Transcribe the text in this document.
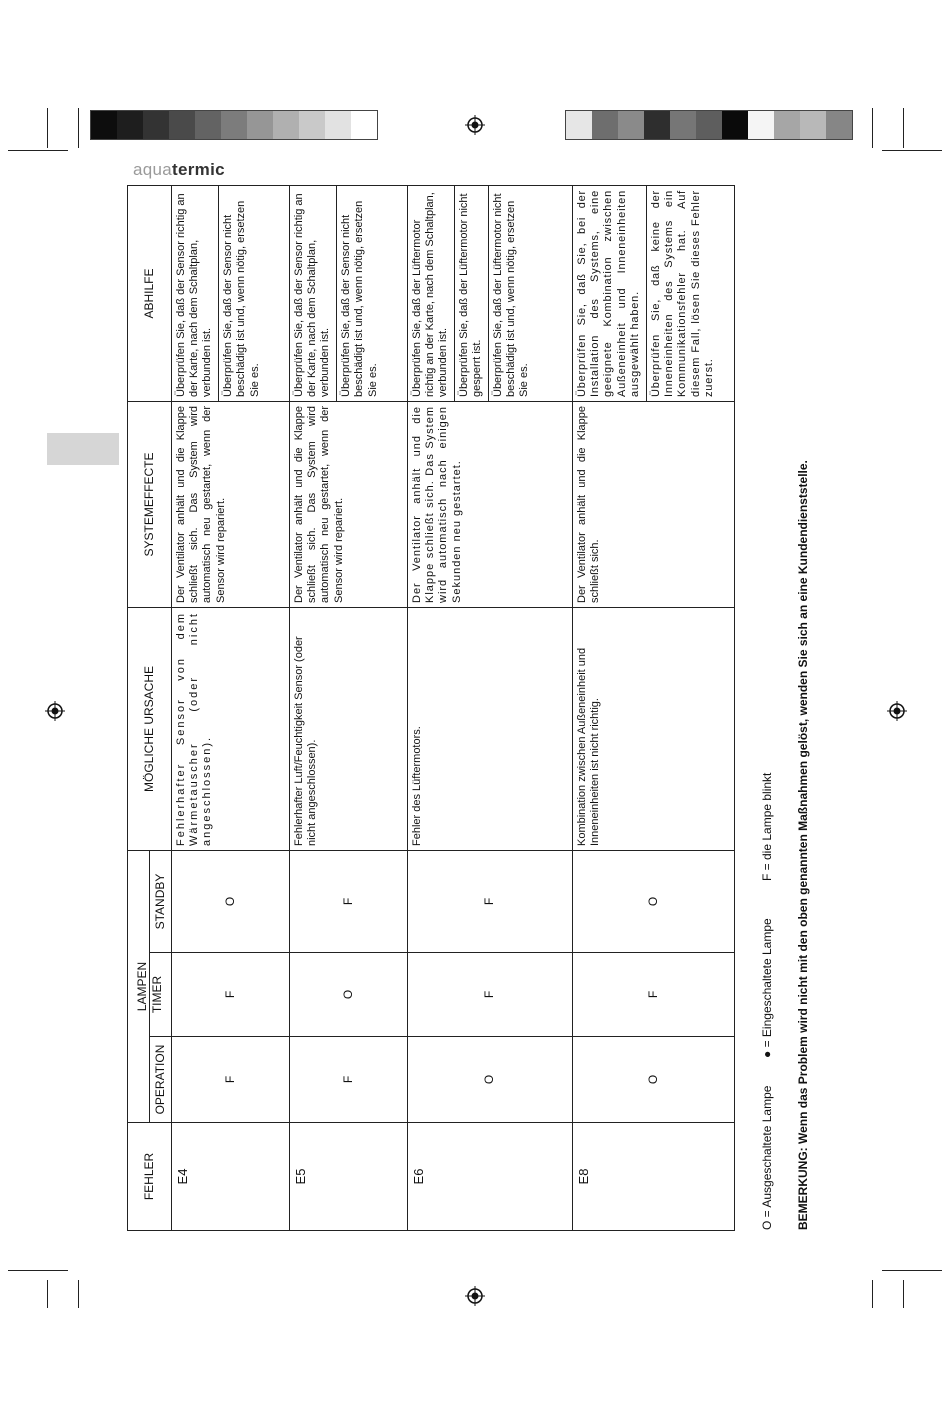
aquatermic
FEHLER	LAMPEN			MÖGLICHE URSACHE	SYSTEMEFFECTE	ABHILFE
	OPERATION	TIMER	STANDBY			
E4	F	F	O	Fehlerhafter Sensor von dem Wärmetauscher (oder nicht angeschlossen).	Der Ventilator anhält und die Klappe schließt sich. Das System wird automatisch neu gestartet, wenn der Sensor wird repariert.	Überprüfen Sie, daß der Sensor richtig an der Karte, nach dem Schaltplan, verbunden ist. Überprüfen Sie, daß der Sensor nicht beschädigt ist und, wenn nötig, ersetzen Sie es.

E5	F	O	F	Fehlerhafter Luft/Feuchtigkeit Sensor (oder nicht angeschlossen).	Der Ventilator anhält und die Klappe schließt sich. Das System wird automatisch neu gestartet, wenn der Sensor wird repariert.	Überprüfen Sie, daß der Sensor richtig an der Karte, nach dem Schaltplan, verbunden ist. Überprüfen Sie, daß der Sensor nicht beschädigt ist und, wenn nötig, ersetzen Sie es.

E6	O	F	F	Fehler des Lüftermotors.	Der Ventilator anhält und die Klappe schließt sich. Das System wird automatisch nach einigen Sekunden neu gestartet.	Überprüfen Sie, daß der Lüftermotor richtig an der Karte, nach dem Schaltplan, verbunden ist. Überprüfen Sie, daß der Lüftermotor nicht gesperrt ist. Überprüfen Sie, daß der Lüftermotor nicht beschädigt ist und, wenn nötig, ersetzen Sie es.

E8	O	F	O	Kombination zwischen Außeneinheit und Inneneinheiten ist nicht richtig.	Der Ventilator anhält und die Klappe schließt sich.	Überprüfen Sie, daß Sie, bei der Installation des Systems, eine geeignete Kombination zwischen Außeneinheit und Inneneinheiten ausgewählt haben. Überprüfen Sie, daß keine der Inneneinheiten des Systems ein Kommunikationsfehler hat. Auf diesem Fall, lösen Sie dieses Fehler zuerst.
O = Ausgeschaltete Lampe
● = Eingeschaltete Lampe
F = die Lampe blinkt BEMERKUNG: Wenn das Problem wird nicht mit den oben genannten Maßnahmen gelöst, wenden Sie sich an eine Kundendienststelle.
